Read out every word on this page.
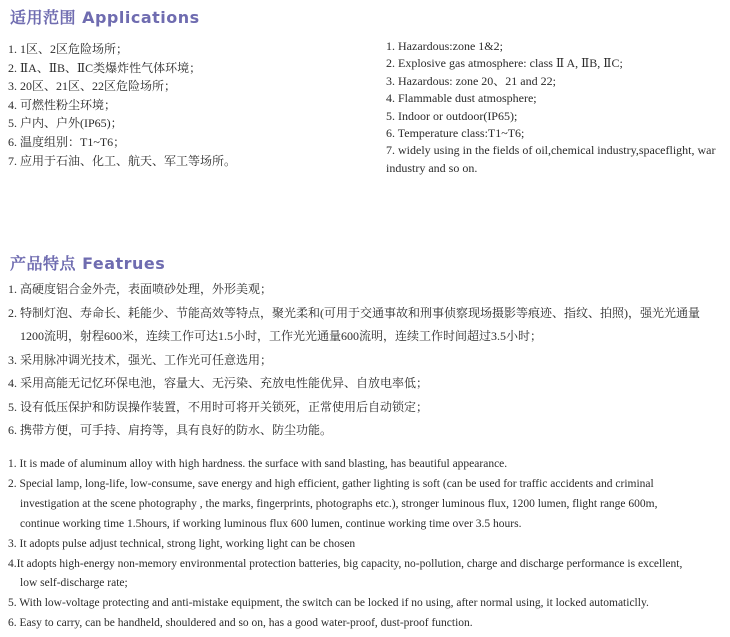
适用范围 Applications
1. 1区、2区危险场所；
2. ⅡA、ⅡB、ⅡC类爆炸性气体环境；
3. 20区、21区、22区危险场所；
4. 可燃性粉尘环境；
5. 户内、户外(IP65)；
6. 温度组别：T1~T6；
7. 应用于石油、化工、航天、军工等场所。
1. Hazardous:zone 1&2;
2. Explosive gas atmosphere: class Ⅱ A, ⅡB, ⅡC;
3. Hazardous: zone 20、21 and 22;
4. Flammable dust atmosphere;
5. Indoor or outdoor(IP65);
6. Temperature class:T1~T6;
7. widely using in the fields of oil,chemical industry,spaceflight, war industry and so on.
产品特点 Featrues
1. 高硬度铝合金外壳，表面喷砂处理，外形美观；
2. 特制灯泡、寿命长、耗能少、节能高效等特点，聚光柔和(可用于交通事故和刑事侦察现场摄影等痕迹、指纹、拍照)，强光光通量
1200流明，射程600米，连续工作可达1.5小时，工作光光通量600流明，连续工作时间超过3.5小时；
3. 采用脉冲调光技术，强光、工作光可任意选用；
4. 采用高能无记忆环保电池，容量大、无污染、充放电性能优异、自放电率低；
5. 设有低压保护和防误操作装置，不用时可将开关锁死，正常使用后自动锁定；
6. 携带方便，可手持、肩挎等，具有良好的防水、防尘功能。
1. It is made of aluminum alloy with high hardness. the surface with sand blasting, has beautiful appearance.
2. Special lamp, long-life, low-consume, save energy and high efficient, gather lighting is soft (can be used for traffic accidents and criminal
investigation at the scene photography , the marks, fingerprints, photographs etc.), stronger luminous flux, 1200 lumen, flight range 600m,
continue working time 1.5hours, if working luminous flux 600 lumen, continue working time over 3.5 hours.
3. It adopts pulse adjust technical, strong light, working light can be chosen
4.It adopts high-energy non-memory environmental protection batteries, big capacity, no-pollution, charge and discharge performance is excellent,
low self-discharge rate;
5. With low-voltage protecting and anti-mistake equipment, the switch can be locked if no using, after normal using, it locked automaticlly.
6. Easy to carry, can be handheld, shouldered and so on, has a good water-proof, dust-proof function.
